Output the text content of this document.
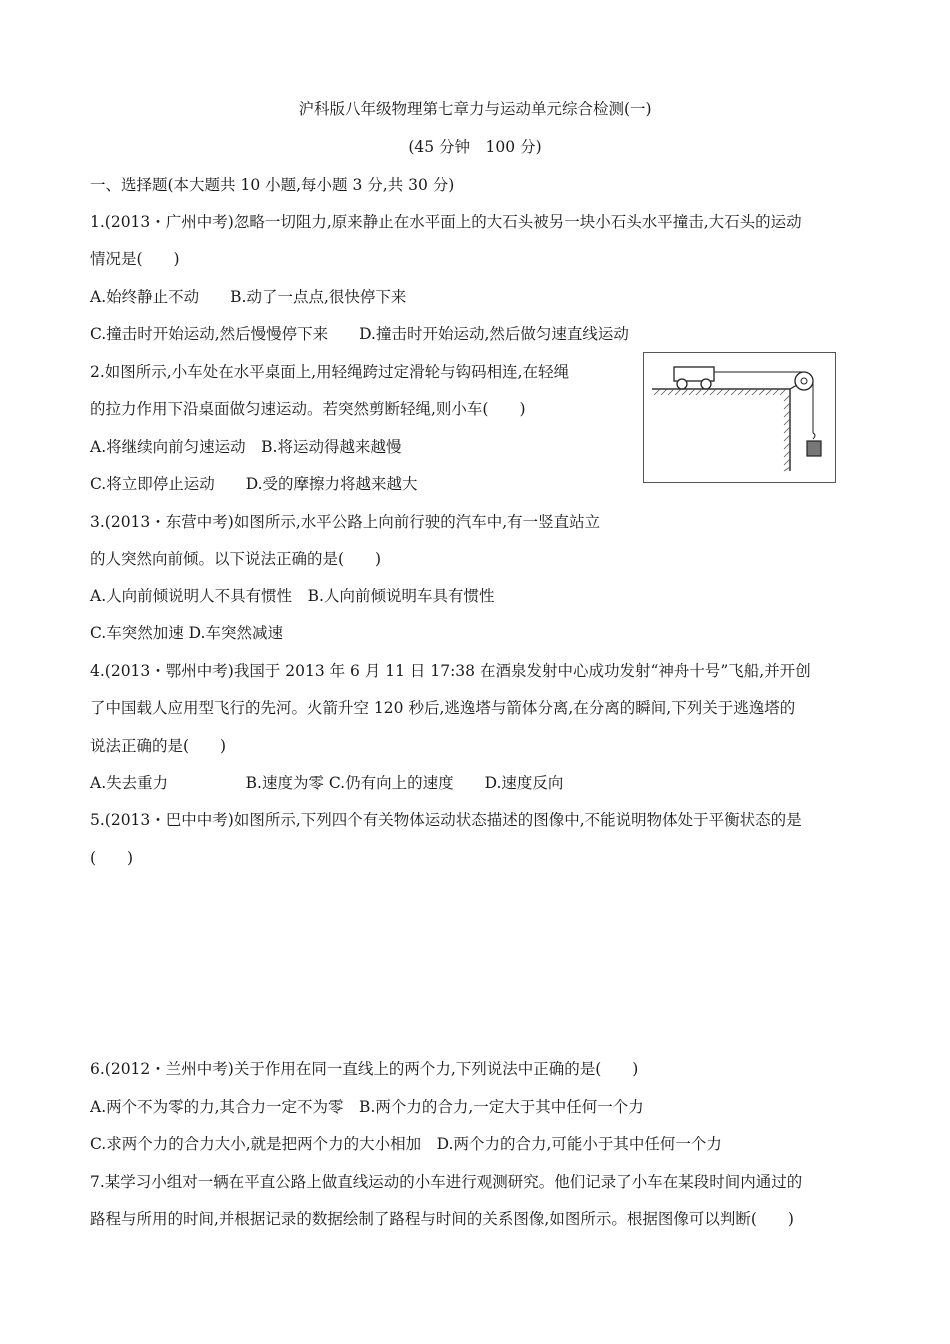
沪科版八年级物理第七章力与运动单元综合检测(一)
(45 分钟　100 分)
一、选择题(本大题共 10 小题,每小题 3 分,共 30 分)
1.(2013・广州中考)忽略一切阻力,原来静止在水平面上的大石头被另一块小石头水平撞击,大石头的运动
情况是(　　)
A.始终静止不动　　B.动了一点点,很快停下来
C.撞击时开始运动,然后慢慢停下来　　D.撞击时开始运动,然后做匀速直线运动
2.如图所示,小车处在水平桌面上,用轻绳跨过定滑轮与钩码相连,在轻绳
的拉力作用下沿桌面做匀速运动。若突然剪断轻绳,则小车(　　)
A.将继续向前匀速运动　B.将运动得越来越慢
C.将立即停止运动　　D.受的摩擦力将越来越大
3.(2013・东营中考)如图所示,水平公路上向前行驶的汽车中,有一竖直站立
的人突然向前倾。以下说法正确的是(　　)
A.人向前倾说明人不具有惯性　B.人向前倾说明车具有惯性
C.车突然加速 D.车突然减速
4.(2013・鄂州中考)我国于 2013 年 6 月 11 日 17:38 在酒泉发射中心成功发射“神舟十号”飞船,并开创
了中国载人应用型飞行的先河。火箭升空 120 秒后,逃逸塔与箭体分离,在分离的瞬间,下列关于逃逸塔的
说法正确的是(　　)
A.失去重力　　　　　B.速度为零 C.仍有向上的速度　　D.速度反向
5.(2013・巴中中考)如图所示,下列四个有关物体运动状态描述的图像中,不能说明物体处于平衡状态的是
(　　)
6.(2012・兰州中考)关于作用在同一直线上的两个力,下列说法中正确的是(　　)
A.两个不为零的力,其合力一定不为零　B.两个力的合力,一定大于其中任何一个力
C.求两个力的合力大小,就是把两个力的大小相加　D.两个力的合力,可能小于其中任何一个力
7.某学习小组对一辆在平直公路上做直线运动的小车进行观测研究。他们记录了小车在某段时间内通过的
路程与所用的时间,并根据记录的数据绘制了路程与时间的关系图像,如图所示。根据图像可以判断(　　)
